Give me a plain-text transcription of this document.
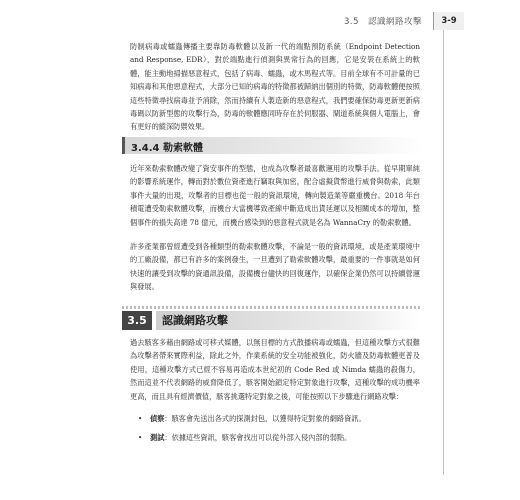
3.5　認識網路攻擊	3-9

防制病毒或蠕蟲傳播主要靠防毒軟體以及新一代的端點預防系統（Endpoint Detection and Response, EDR），對於端點進行偵測與異常行為的回應，它是安裝在系統上的軟體，能主動地掃描惡意程式，包括了病毒、蠕蟲，或木馬程式等。目前全球有不可計量的已知病毒和其他惡意程式，大部分已知的病毒的特徵都被歸納出個別的特徵，防毒軟體便按照這些特徵尋找病毒並予消除，然而持續有人製造新的惡意程式，我們要確保防毒更新更新病毒碼以防新型態的攻擊行為，防毒的軟體應同時存在於伺服器、閘道系統與個人電腦上，會有更好的縱深防禦效果。

3.4.4 勒索軟體

近年來勒索軟體改變了資安事件的型態，也成為攻擊者最喜歡運用的攻擊手法。從早期單純的影響系統運作，轉而對於數位資產進行竊取與加密，配合虛擬貨幣進行威脅與勒索，此類事件大量的出現，攻擊者的目標也從一般的資訊環境，轉向製造業等嚴重機台。2018 年台積電遭受勒索軟體攻擊，而機台大當機導致產線中斷造成出貨延遲以及相關成本的增加，整個事件的損失高達 78 億元，而機台感染到的惡意程式就是名為 WannaCry 的勒索軟體。

許多產業都曾經遭受到各種類型的勒索軟體攻擊，不論是一般的資訊環境，或是產業環境中的工廠設備，都已有許多的案例發生，一旦遭到了勒索軟體攻擊，最重要的一件事就是如何快速的讓受到攻擊的資通訊設備，設備機台儘快的回復運作，以確保企業仍然可以持續營運與發展。

3.5	認識網路攻擊

過去駭客多藉由網路或可移式媒體，以無目標的方式散播病毒或蠕蟲，但這種攻擊方式很難為攻擊者帶來實際利益，除此之外，作業系統的安全功能被強化，防火牆及防毒軟體更普及使用，這種攻擊方式已經不容易再造成本世紀初的 Code Red 或 Nimda 蠕蟲的殺傷力，然而這並不代表網路的威脅降低了，駭客開始鎖定特定對象進行攻擊，這種攻擊的成功機率更高，而且具有經濟價值，駭客挑選特定對象之後，可能按照以下步驟進行網路攻擊：

• 偵察：駭客會先送出各式的探測封包，以獲得特定對象的網路資訊。
• 測試：依據這些資訊，駭客會找出可以從外部入侵內部的弱點。
